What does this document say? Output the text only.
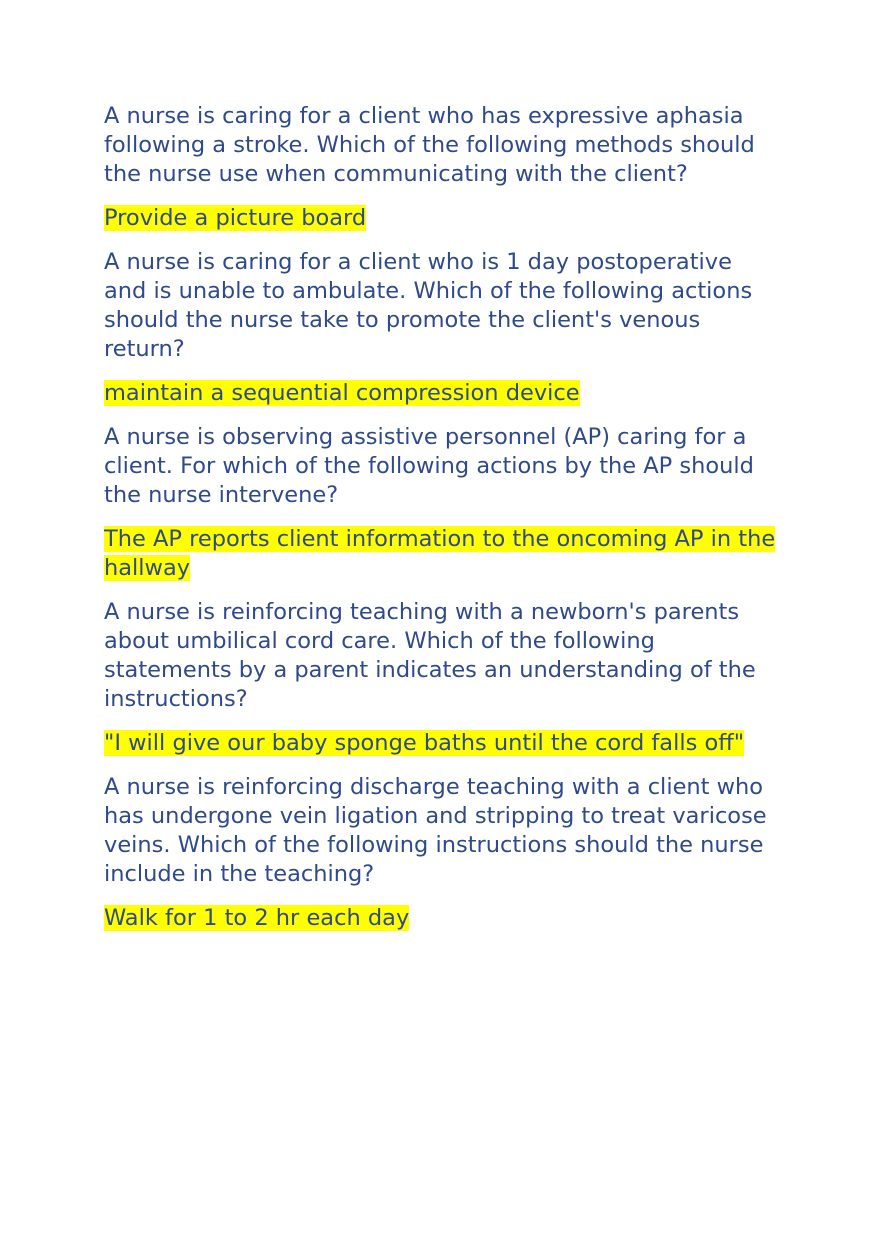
A nurse is caring for a client who has expressive aphasia following a stroke. Which of the following methods should the nurse use when communicating with the client?

Provide a picture board

A nurse is caring for a client who is 1 day postoperative and is unable to ambulate. Which of the following actions should the nurse take to promote the client's venous return?

maintain a sequential compression device

A nurse is observing assistive personnel (AP) caring for a client. For which of the following actions by the AP should the nurse intervene?

The AP reports client information to the oncoming AP in the hallway

A nurse is reinforcing teaching with a newborn's parents about umbilical cord care. Which of the following statements by a parent indicates an understanding of the instructions?

"I will give our baby sponge baths until the cord falls off"

A nurse is reinforcing discharge teaching with a client who has undergone vein ligation and stripping to treat varicose veins. Which of the following instructions should the nurse include in the teaching?

Walk for 1 to 2 hr each day
